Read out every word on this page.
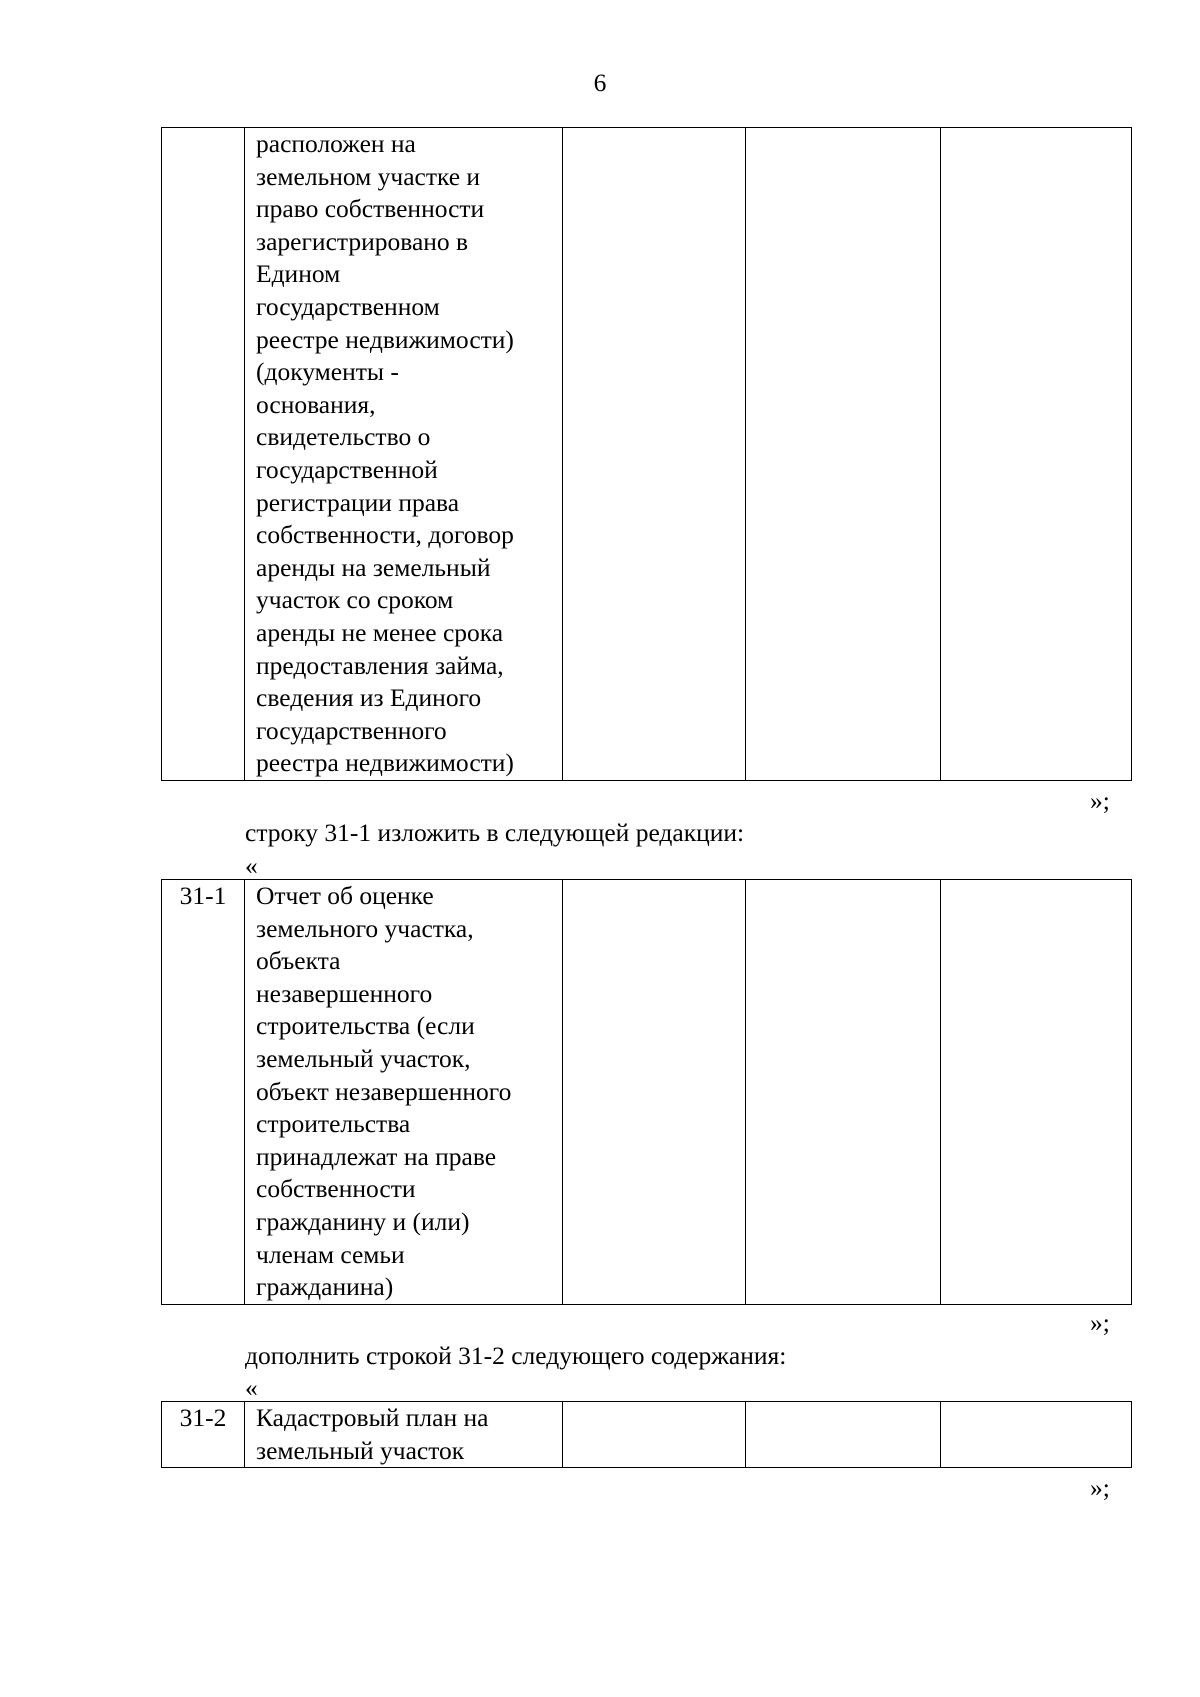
6
	расположен на
земельном участке и
право собственности
зарегистрировано в
Едином
государственном
реестре недвижимости)
(документы -
основания,
свидетельство о
государственной
регистрации права
собственности, договор
аренды на земельный
участок со сроком
аренды не менее срока
предоставления займа,
сведения из Единого
государственного
реестра недвижимости)			
»;
строку 31-1 изложить в следующей редакции:
«
31-1	Отчет об оценке
земельного участка,
объекта
незавершенного
строительства (если
земельный участок,
объект незавершенного
строительства
принадлежат на праве
собственности
гражданину и (или)
членам семьи
гражданина)			
»;
дополнить строкой 31-2 следующего содержания:
«
31-2	Кадастровый план на
земельный участок			
»;
